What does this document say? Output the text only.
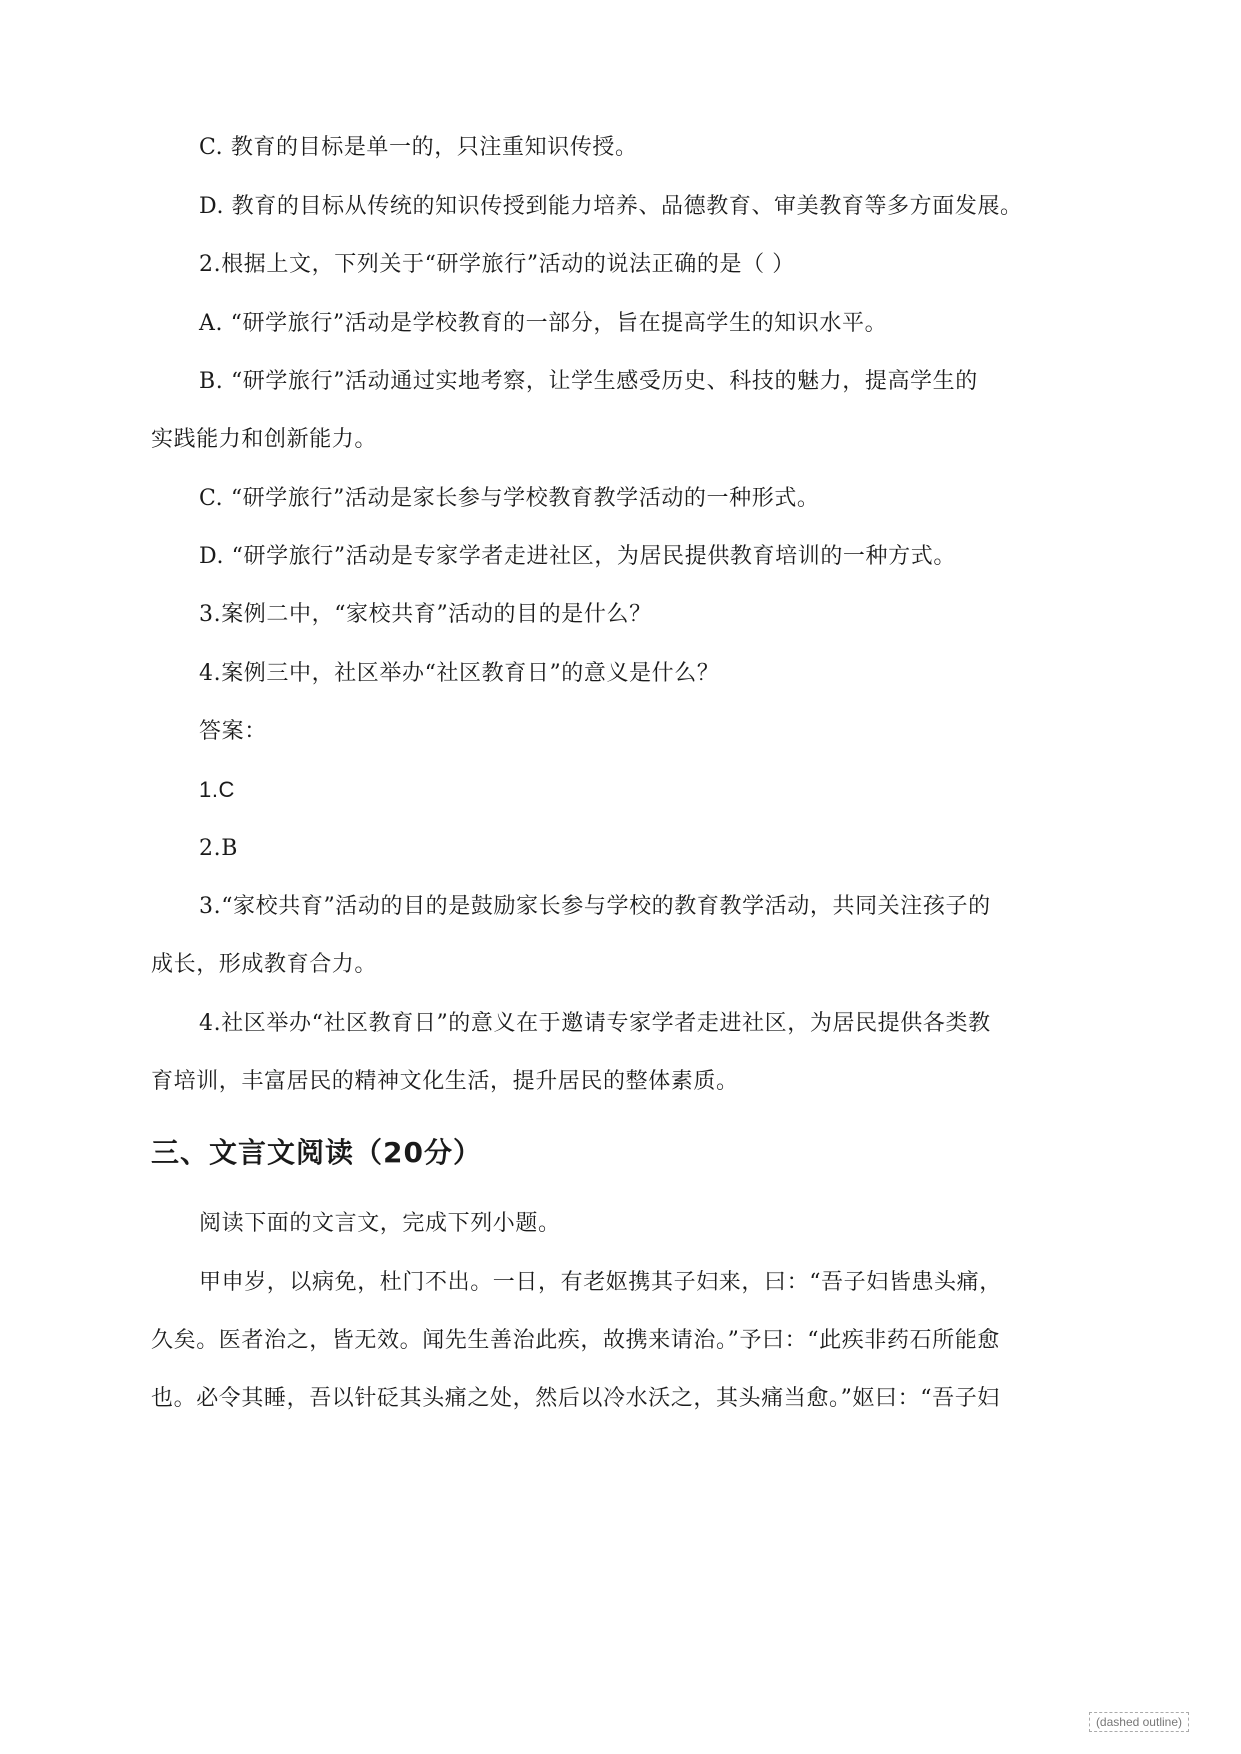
C. 教育的目标是单一的，只注重知识传授。
D. 教育的目标从传统的知识传授到能力培养、品德教育、审美教育等多方面发展。
2.根据上文，下列关于“研学旅行”活动的说法正确的是（ ）
A. “研学旅行”活动是学校教育的一部分，旨在提高学生的知识水平。
B. “研学旅行”活动通过实地考察，让学生感受历史、科技的魅力，提高学生的
实践能力和创新能力。
C. “研学旅行”活动是家长参与学校教育教学活动的一种形式。
D. “研学旅行”活动是专家学者走进社区，为居民提供教育培训的一种方式。
3.案例二中，“家校共育”活动的目的是什么？
4.案例三中，社区举办“社区教育日”的意义是什么？
答案：
1.C
2.B
3.“家校共育”活动的目的是鼓励家长参与学校的教育教学活动，共同关注孩子的
成长，形成教育合力。
4.社区举办“社区教育日”的意义在于邀请专家学者走进社区，为居民提供各类教
育培训，丰富居民的精神文化生活，提升居民的整体素质。
三、文言文阅读（20分）
阅读下面的文言文，完成下列小题。
甲申岁，以病免，杜门不出。一日，有老妪携其子妇来，曰：“吾子妇皆患头痛，
久矣。医者治之，皆无效。闻先生善治此疾，故携来请治。”予曰：“此疾非药石所能愈
也。必令其睡，吾以针砭其头痛之处，然后以冷水沃之，其头痛当愈。”妪曰：“吾子妇
(dashed outline)
